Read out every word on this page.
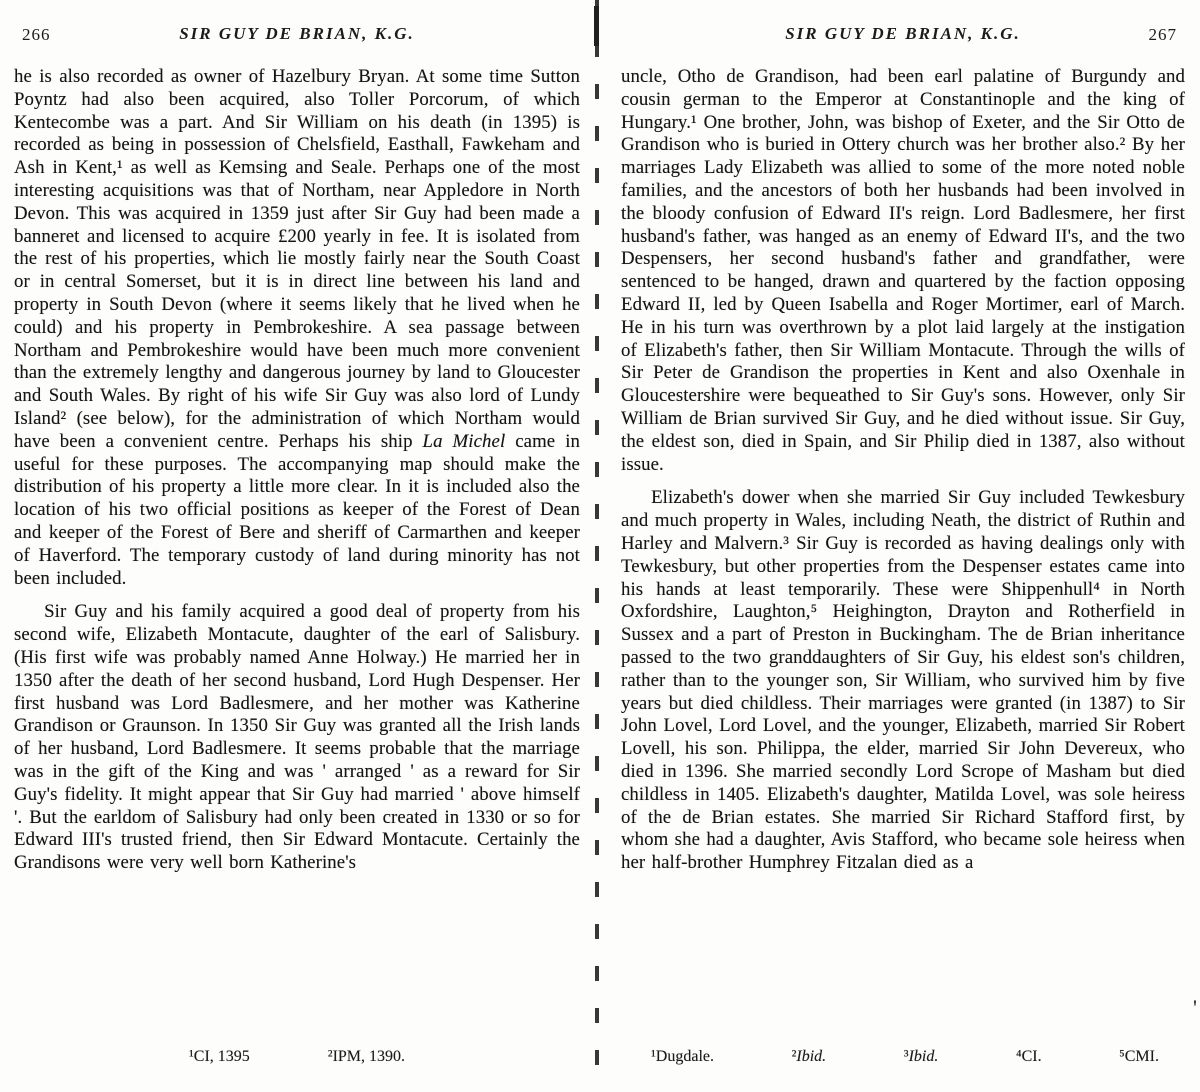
266	SIR GUY DE BRIAN, K.G.

he is also recorded as owner of Hazelbury Bryan. At some time Sutton Poyntz had also been acquired, also Toller Porcorum, of which Kentecombe was a part. And Sir William on his death (in 1395) is recorded as being in possession of Chelsfield, Easthall, Fawkeham and Ash in Kent,¹ as well as Kemsing and Seale. Perhaps one of the most interesting acquisitions was that of Northam, near Appledore in North Devon. This was acquired in 1359 just after Sir Guy had been made a banneret and licensed to acquire £200 yearly in fee. It is isolated from the rest of his properties, which lie mostly fairly near the South Coast or in central Somerset, but it is in direct line between his land and property in South Devon (where it seems likely that he lived when he could) and his property in Pembrokeshire. A sea passage between Northam and Pembrokeshire would have been much more convenient than the extremely lengthy and dangerous journey by land to Gloucester and South Wales. By right of his wife Sir Guy was also lord of Lundy Island² (see below), for the administration of which Northam would have been a convenient centre. Perhaps his ship La Michel came in useful for these purposes. The accompanying map should make the distribution of his property a little more clear. In it is included also the location of his two official positions as keeper of the Forest of Dean and keeper of the Forest of Bere and sheriff of Carmarthen and keeper of Haverford. The temporary custody of land during minority has not been included.

Sir Guy and his family acquired a good deal of property from his second wife, Elizabeth Montacute, daughter of the earl of Salisbury. (His first wife was probably named Anne Holway.) He married her in 1350 after the death of her second husband, Lord Hugh Despenser. Her first husband was Lord Badlesmere, and her mother was Katherine Grandison or Graunson. In 1350 Sir Guy was granted all the Irish lands of her husband, Lord Badlesmere. It seems probable that the marriage was in the gift of the King and was ' arranged ' as a reward for Sir Guy's fidelity. It might appear that Sir Guy had married ' above himself '. But the earldom of Salisbury had only been created in 1330 or so for Edward III's trusted friend, then Sir Edward Montacute. Certainly the Grandisons were very well born Katherine's

¹CI, 1395	²IPM, 1390.
SIR GUY DE BRIAN, K.G.	267

uncle, Otho de Grandison, had been earl palatine of Burgundy and cousin german to the Emperor at Constantinople and the king of Hungary.¹ One brother, John, was bishop of Exeter, and the Sir Otto de Grandison who is buried in Ottery church was her brother also.² By her marriages Lady Elizabeth was allied to some of the more noted noble families, and the ancestors of both her husbands had been involved in the bloody confusion of Edward II's reign. Lord Badlesmere, her first husband's father, was hanged as an enemy of Edward II's, and the two Despensers, her second husband's father and grandfather, were sentenced to be hanged, drawn and quartered by the faction opposing Edward II, led by Queen Isabella and Roger Mortimer, earl of March. He in his turn was overthrown by a plot laid largely at the instigation of Elizabeth's father, then Sir William Montacute. Through the wills of Sir Peter de Grandison the properties in Kent and also Oxenhale in Gloucestershire were bequeathed to Sir Guy's sons. However, only Sir William de Brian survived Sir Guy, and he died without issue. Sir Guy, the eldest son, died in Spain, and Sir Philip died in 1387, also without issue.

Elizabeth's dower when she married Sir Guy included Tewkesbury and much property in Wales, including Neath, the district of Ruthin and Harley and Malvern.³ Sir Guy is recorded as having dealings only with Tewkesbury, but other properties from the Despenser estates came into his hands at least temporarily. These were Shippenhull⁴ in North Oxfordshire, Laughton,⁵ Heighington, Drayton and Rotherfield in Sussex and a part of Preston in Buckingham. The de Brian inheritance passed to the two granddaughters of Sir Guy, his eldest son's children, rather than to the younger son, Sir William, who survived him by five years but died childless. Their marriages were granted (in 1387) to Sir John Lovel, Lord Lovel, and the younger, Elizabeth, married Sir Robert Lovell, his son. Philippa, the elder, married Sir John Devereux, who died in 1396. She married secondly Lord Scrope of Masham but died childless in 1405. Elizabeth's daughter, Matilda Lovel, was sole heiress of the de Brian estates. She married Sir Richard Stafford first, by whom she had a daughter, Avis Stafford, who became sole heiress when her half-brother Humphrey Fitzalan died as a

¹Dugdale.	²Ibid.	³Ibid.	⁴CI.	⁵CMI.
'
